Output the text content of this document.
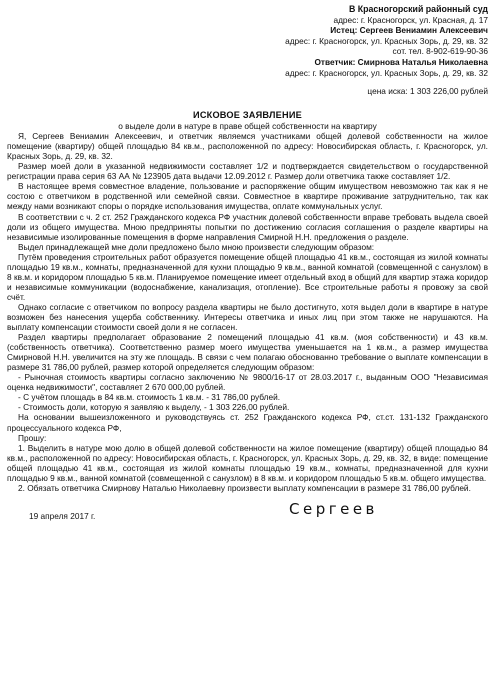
В Красногорский районный суд
адрес: г. Красногорск, ул. Красная, д. 17
Истец: Сергеев Вениамин Алексеевич
адрес: г. Красногорск, ул. Красных Зорь, д. 29, кв. 32
сот. тел. 8-902-619-90-36
Ответчик: Смирнова Наталья Николаевна
адрес: г. Красногорск, ул. Красных Зорь, д. 29, кв. 32
цена иска: 1 303 226,00 рублей
ИСКОВОЕ ЗАЯВЛЕНИЕ
о выделе доли в натуре в праве общей собственности на квартиру

Я, Сергеев Вениамин Алексеевич, и ответчик являемся участниками общей долевой собственности на жилое помещение (квартиру) общей площадью 84 кв.м., расположенной по адресу: Новосибирская область, г. Красногорск, ул. Красных Зорь, д. 29, кв. 32.

Размер моей доли в указанной недвижимости составляет 1/2 и подтверждается свидетельством о государственной регистрации права серия 63 АА № 123905 дата выдачи 12.09.2012 г. Размер доли ответчика также составляет 1/2.

В настоящее время совместное владение, пользование и распоряжение общим имуществом невозможно так как я не состою с ответчиком в родственной или семейной связи. Совместное в квартире проживание затруднительно, так как между нами возникают споры о порядке использования имущества, оплате коммунальных услуг.

В соответствии с ч. 2 ст. 252 Гражданского кодекса РФ участник долевой собственности вправе требовать выдела своей доли из общего имущества. Мною предприняты попытки по достижению согласия соглашения о разделе квартиры на независимые изолированные помещения в форме направления Смирной Н.Н. предложения о разделе.

Выдел принадлежащей мне доли предложено было мною произвести следующим образом:

Путём проведения строительных работ образуется помещение общей площадью 41 кв.м., состоящая из жилой комнаты площадью 19 кв.м., комнаты, предназначенной для кухни площадью 9 кв.м., ванной комнатой (совмещенной с санузлом) в 8 кв.м. и коридором площадью 5 кв.м. Планируемое помещение имеет отдельный вход в общий для квартир этажа коридор и независимые коммуникации (водоснабжение, канализация, отопление). Все строительные работы я провожу за свой счёт.

Однако согласие с ответчиком по вопросу раздела квартиры не было достигнуто, хотя выдел доли в квартире в натуре возможен без нанесения ущерба собственнику. Интересы ответчика и иных лиц при этом также не нарушаются. На выплату компенсации стоимости своей доли я не согласен.

Раздел квартиры предполагает образование 2 помещений площадью 41 кв.м. (моя собственности) и 43 кв.м. (собственность ответчика). Соответственно размер моего имущества уменьшается на 1 кв.м., а размер имущества Смирновой Н.Н. увеличится на эту же площадь. В связи с чем полагаю обоснованно требование о выплате компенсации в размере 31 786,00 рублей, размер которой определяется следующим образом:

- Рыночная стоимость квартиры согласно заключению № 9800/16-17 от 28.03.2017 г., выданным ООО "Независимая оценка недвижимости", составляет 2 670 000,00 рублей.

- С учётом площадь в 84 кв.м. стоимость 1 кв.м. - 31 786,00 рублей.

- Стоимость доли, которую я заявляю к выделу, - 1 303 226,00 рублей.

На основании вышеизложенного и руководствуясь ст. 252 Гражданского кодекса РФ, ст.ст. 131-132 Гражданского процессуального кодекса РФ,

Прошу:

1. Выделить в натуре мою долю в общей долевой собственности на жилое помещение (квартиру) общей площадью 84 кв.м., расположенной по адресу: Новосибирская область, г. Красногорск, ул. Красных Зорь, д. 29, кв. 32, в виде: помещение общей площадью 41 кв.м., состоящая из жилой комнаты площадью 19 кв.м., комнаты, предназначенной для кухни площадью 9 кв.м., ванной комнатой (совмещенной с санузлом) в 8 кв.м. и коридором площадью 5 кв.м. общего имущества.

2. Обязать ответчика Смирнову Наталью Николаевну произвести выплату компенсации в размере 31 786,00 рублей.

19 апреля 2017 г.	Сергеев
